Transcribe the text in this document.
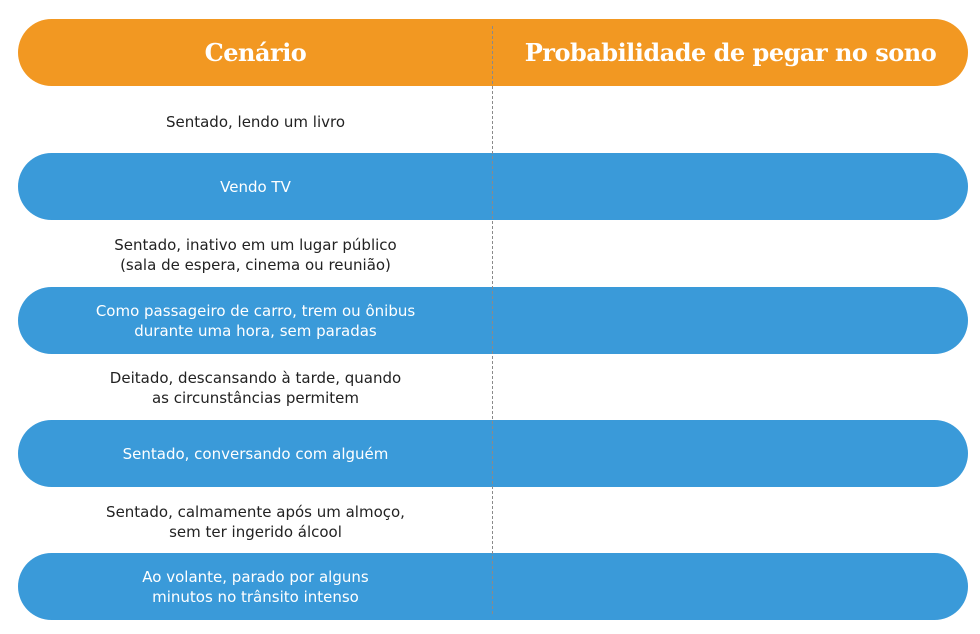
Cenário	Probabilidade de pegar no sono
Sentado, lendo um livro
Vendo TV
Sentado, inativo em um lugar público
(sala de espera, cinema ou reunião)
Como passageiro de carro, trem ou ônibus
durante uma hora, sem paradas
Deitado, descansando à tarde, quando
as circunstâncias permitem
Sentado, conversando com alguém
Sentado, calmamente após um almoço,
sem ter ingerido álcool
Ao volante, parado por alguns
minutos no trânsito intenso
